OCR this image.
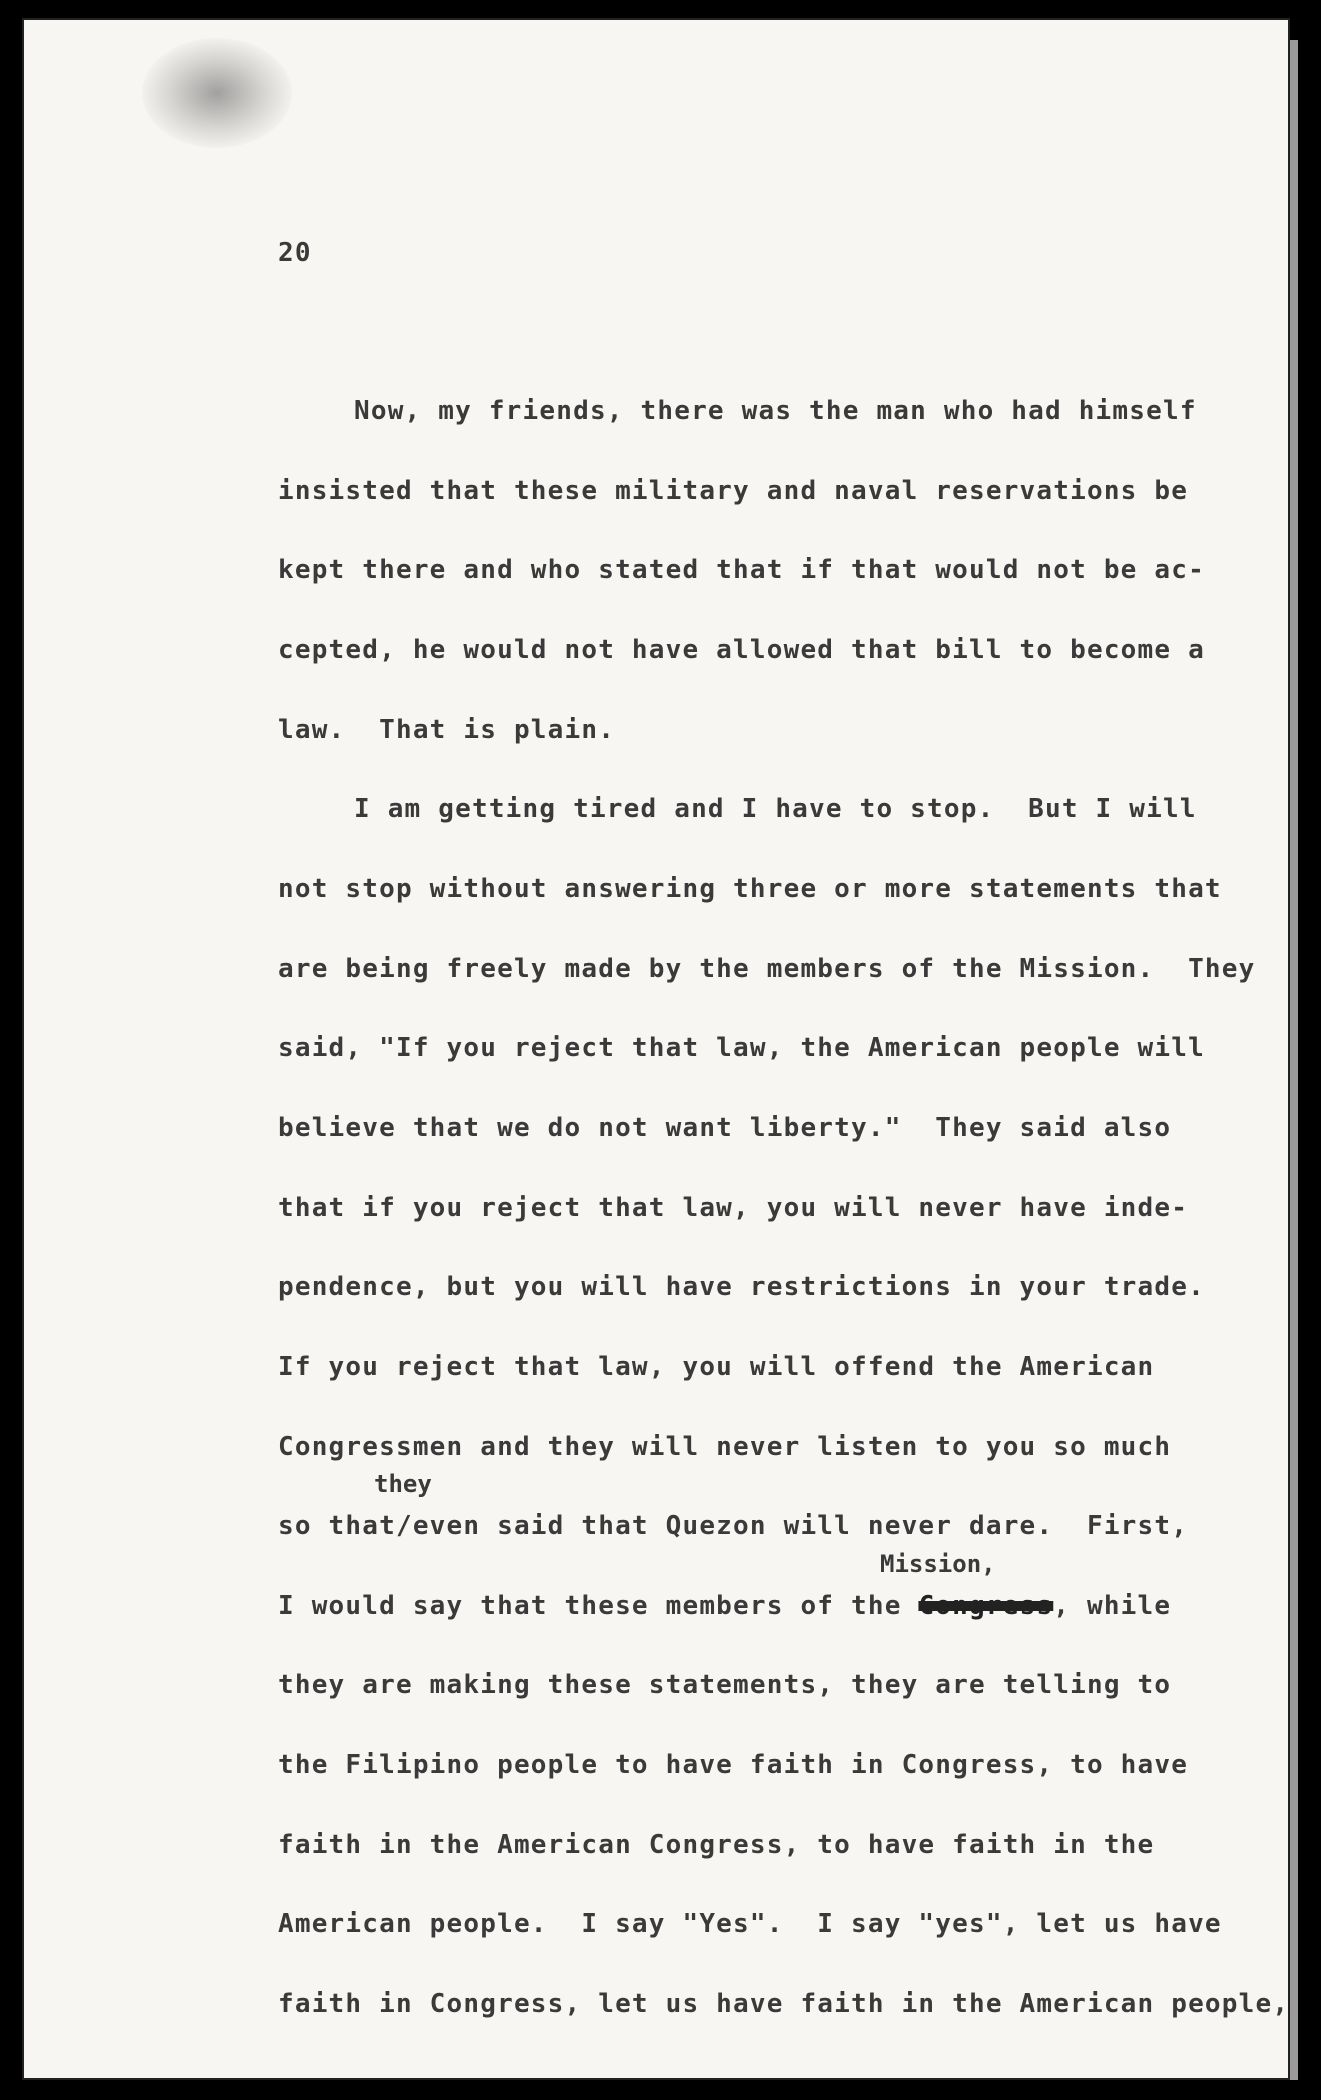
20
Now, my friends, there was the man who had himself
insisted that these military and naval reservations be
kept there and who stated that if that would not be ac-
cepted, he would not have allowed that bill to become a
law.  That is plain.
I am getting tired and I have to stop.  But I will
not stop without answering three or more statements that
are being freely made by the members of the Mission.  They
said, "If you reject that law, the American people will
believe that we do not want liberty."  They said also
that if you reject that law, you will never have inde-
pendence, but you will have restrictions in your trade.
If you reject that law, you will offend the American
Congressmen and they will never listen to you so much
they
so that/even said that Quezon will never dare.  First,
Mission,
I would say that these members of the Congress, while
they are making these statements, they are telling to
the Filipino people to have faith in Congress, to have
faith in the American Congress, to have faith in the
American people.  I say "Yes".  I say "yes", let us have
faith in Congress, let us have faith in the American people,
